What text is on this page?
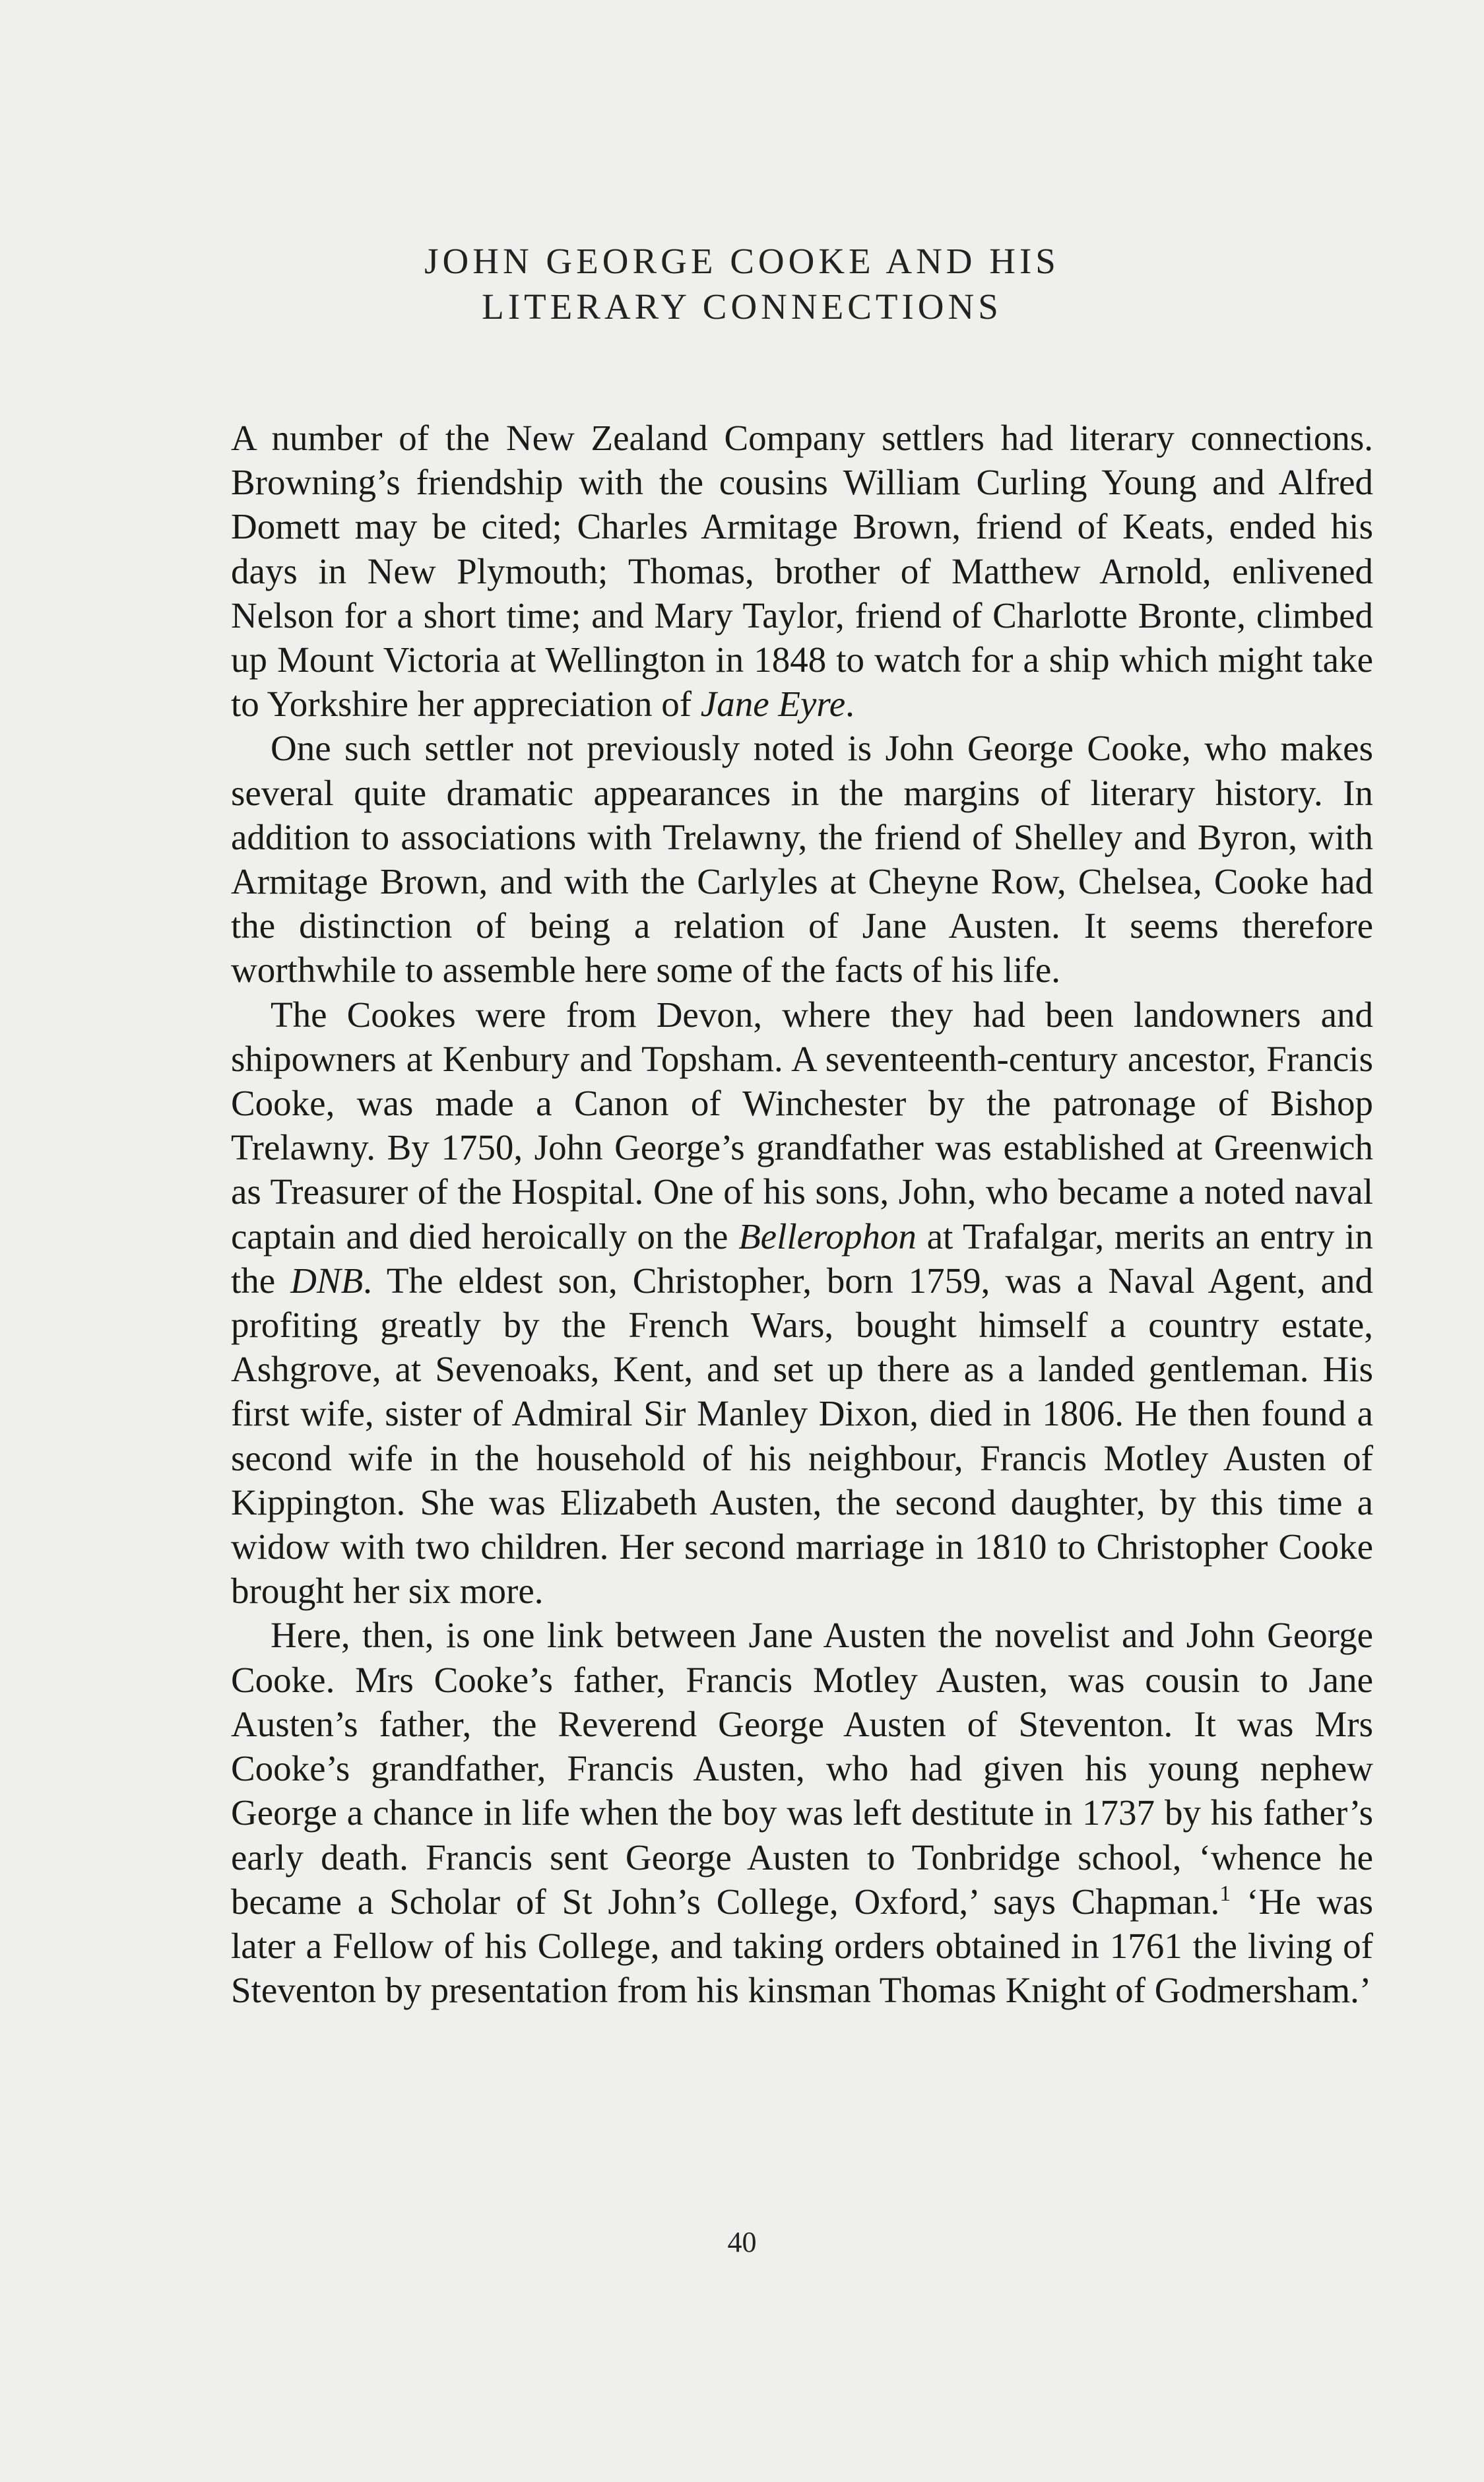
JOHN GEORGE COOKE AND HIS
LITERARY CONNECTIONS

A number of the New Zealand Company settlers had literary connections. Browning’s friendship with the cousins William Curling Young and Alfred Domett may be cited; Charles Armitage Brown, friend of Keats, ended his days in New Plymouth; Thomas, brother of Matthew Arnold, enlivened Nelson for a short time; and Mary Taylor, friend of Charlotte Bronte, climbed up Mount Victoria at Wellington in 1848 to watch for a ship which might take to Yorkshire her appreciation of Jane Eyre.

One such settler not previously noted is John George Cooke, who makes several quite dramatic appearances in the margins of literary history. In addition to associations with Trelawny, the friend of Shelley and Byron, with Armitage Brown, and with the Carlyles at Cheyne Row, Chelsea, Cooke had the distinction of being a relation of Jane Austen. It seems therefore worthwhile to assemble here some of the facts of his life.

The Cookes were from Devon, where they had been landowners and shipowners at Kenbury and Topsham. A seventeenth-century ancestor, Francis Cooke, was made a Canon of Winchester by the patronage of Bishop Trelawny. By 1750, John George’s grandfather was established at Greenwich as Treasurer of the Hospital. One of his sons, John, who became a noted naval captain and died heroically on the Bellerophon at Trafalgar, merits an entry in the DNB. The eldest son, Christopher, born 1759, was a Naval Agent, and profiting greatly by the French Wars, bought himself a country estate, Ashgrove, at Sevenoaks, Kent, and set up there as a landed gentleman. His first wife, sister of Admiral Sir Manley Dixon, died in 1806. He then found a second wife in the household of his neighbour, Francis Motley Austen of Kippington. She was Elizabeth Austen, the second daughter, by this time a widow with two children. Her second marriage in 1810 to Christopher Cooke brought her six more.

Here, then, is one link between Jane Austen the novelist and John George Cooke. Mrs Cooke’s father, Francis Motley Austen, was cousin to Jane Austen’s father, the Reverend George Austen of Steventon. It was Mrs Cooke’s grandfather, Francis Austen, who had given his young nephew George a chance in life when the boy was left destitute in 1737 by his father’s early death. Francis sent George Austen to Tonbridge school, ‘whence he became a Scholar of St John’s College, Oxford,’ says Chapman.$^1$ ‘He was later a Fellow of his College, and taking orders obtained in 1761 the living of Steventon by presentation from his kinsman Thomas Knight of Godmersham.’

40
